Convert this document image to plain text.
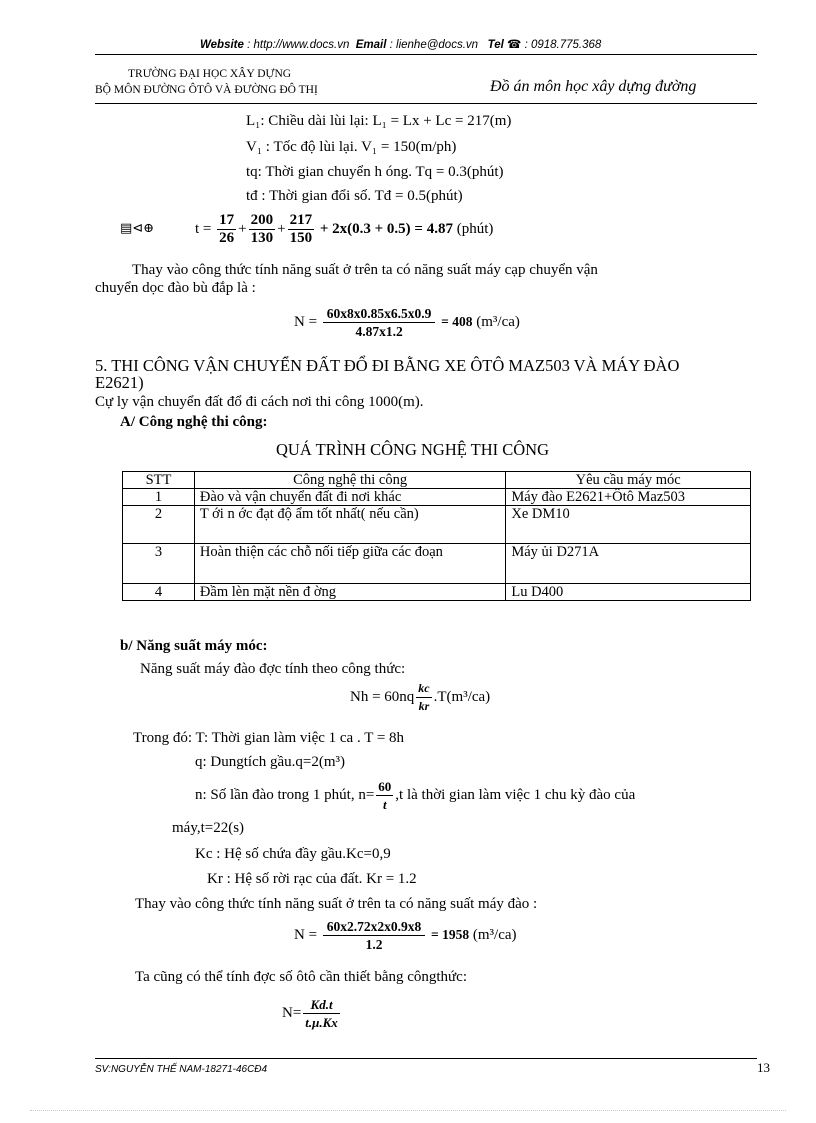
Website : http://www.docs.vn Email : lienhe@docs.vn Tel ☎ : 0918.775.368
TRƯỜNG ĐẠI HỌC XÂY DỰNG
BỘ MÔN ĐƯỜNG ÔTÔ VÀ ĐƯỜNG ĐÔ THỊ	Đồ án môn học xây dựng đường
L₁: Chiều dài lùi lại: L₁ = Lx + Lc = 217(m)
V₁ : Tốc độ lùi lại. V₁ = 150(m/ph)
tq: Thời gian chuyển h óng. Tq = 0.3(phút)
tđ : Thời gian đổi số. Tđ = 0.5(phút)
▤⊲⊕	$t = \frac{17}{26} + \frac{200}{130} + \frac{217}{150} + 2x(0.3 + 0.5) = 4.87$ (phút)
Thay vào công thức tính năng suất ở trên ta có năng suất máy cạp chuyển vận
chuyển dọc đào bù đắp là :
$N = \frac{60x8x0.85x6.5x0.9}{4.87x1.2} = 408$ (m³/ca)
5. THI CÔNG VẬN CHUYỂN ĐẤT ĐỔ ĐI BẰNG XE ÔTÔ MAZ503 VÀ MÁY ĐÀO
E2621)
Cự ly vận chuyển đất đổ đi cách nơi thi công 1000(m).
A/ Công nghệ thi công:
QUÁ TRÌNH CÔNG NGHỆ THI CÔNG
STT	Công nghệ thi công	Yêu cầu máy móc
1	Đào và vận chuyển đất đi nơi khác	Máy đào E2621+Ôtô Maz503
2	T ới n ớc đạt độ ẩm tốt nhất( nếu cần)	Xe DM10
3	Hoàn thiện các chỗ nối tiếp giữa các đoạn	Máy ủi D271A
4	Đầm lèn mặt nền đ ờng	Lu D400
b/ Năng suất máy móc:
Năng suất máy đào đợc tính theo công thức:
$Nh = 60nq \frac{kc}{kr} .T(m^3/ca)$
Trong đó: T: Thời gian làm việc 1 ca . T = 8h
q: Dungtích gầu.q=2(m³)
n: Số lần đào trong 1 phút, $n= \frac{60}{t} ,t$ là thời gian làm việc 1 chu kỳ đào của
máy,t=22(s)
Kc : Hệ số chứa đầy gầu.Kc=0,9
Kr : Hệ số rời rạc của đất. Kr = 1.2
Thay vào công thức tính năng suất ở trên ta có năng suất máy đào :
$N = \frac{60x2.72x2x0.9x8}{1.2} = 1958$ (m³/ca)
Ta cũng có thể tính đợc số ôtô cần thiết bằng côngthức:
$N= \frac{Kd.t}{t.\mu.Kx}$
SV:NGUYỄN THẾ NAM-18271-46CĐ4	13
